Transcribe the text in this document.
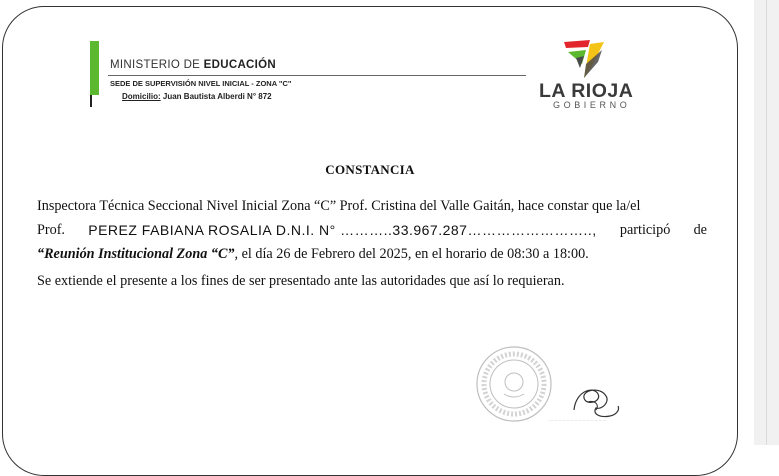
MINISTERIO DE EDUCACIÓN
SEDE DE SUPERVISIÓN NIVEL INICIAL - ZONA "C"
Domicilio: Juan Bautista Alberdi N° 872	LA RIOJA
GOBIERNO
CONSTANCIA
Inspectora Técnica Seccional Nivel Inicial Zona “C” Prof. Cristina del Valle Gaitán, hace constar que la/el
Prof. PEREZ FABIANA ROSALIA D.N.I. N° ………..33.967.287…………………….., participó de
“Reunión Institucional Zona “C”, el día 26 de Febrero del 2025, en el horario de 08:30 a 18:00.
Se extiende el presente a los fines de ser presentado ante las autoridades que así lo requieran.
············································
